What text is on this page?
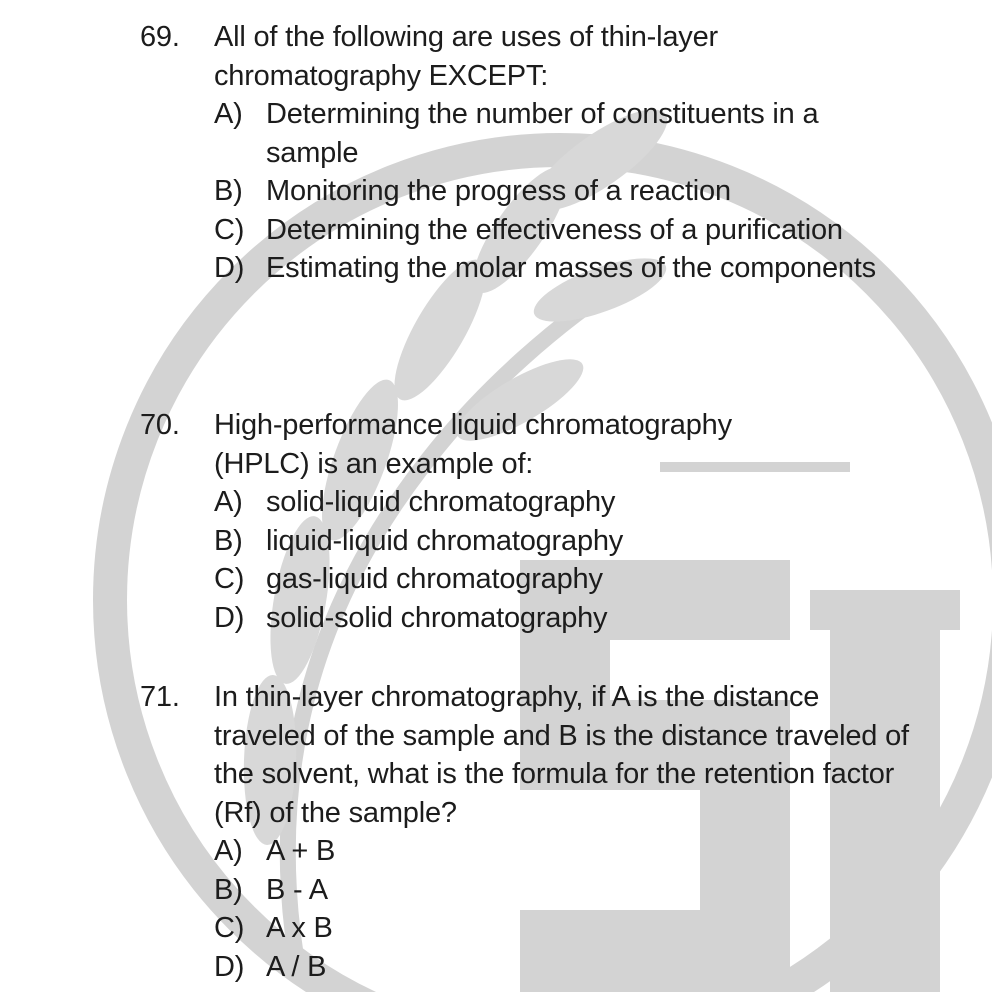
69.	All of the following are uses of thin-layer chromatography EXCEPT:
A) Determining the number of constituents in a sample
B) Monitoring the progress of a reaction
C) Determining the effectiveness of a purification
D) Estimating the molar masses of the components
70.	High-performance liquid chromatography (HPLC) is an example of:
A) solid-liquid chromatography
B) liquid-liquid chromatography
C) gas-liquid chromatography
D) solid-solid chromatography
71.	In thin-layer chromatography, if A is the distance traveled of the sample and B is the distance traveled of the solvent, what is the formula for the retention factor (Rf) of the sample?
A) A + B
B) B - A
C) A x B
D) A / B
